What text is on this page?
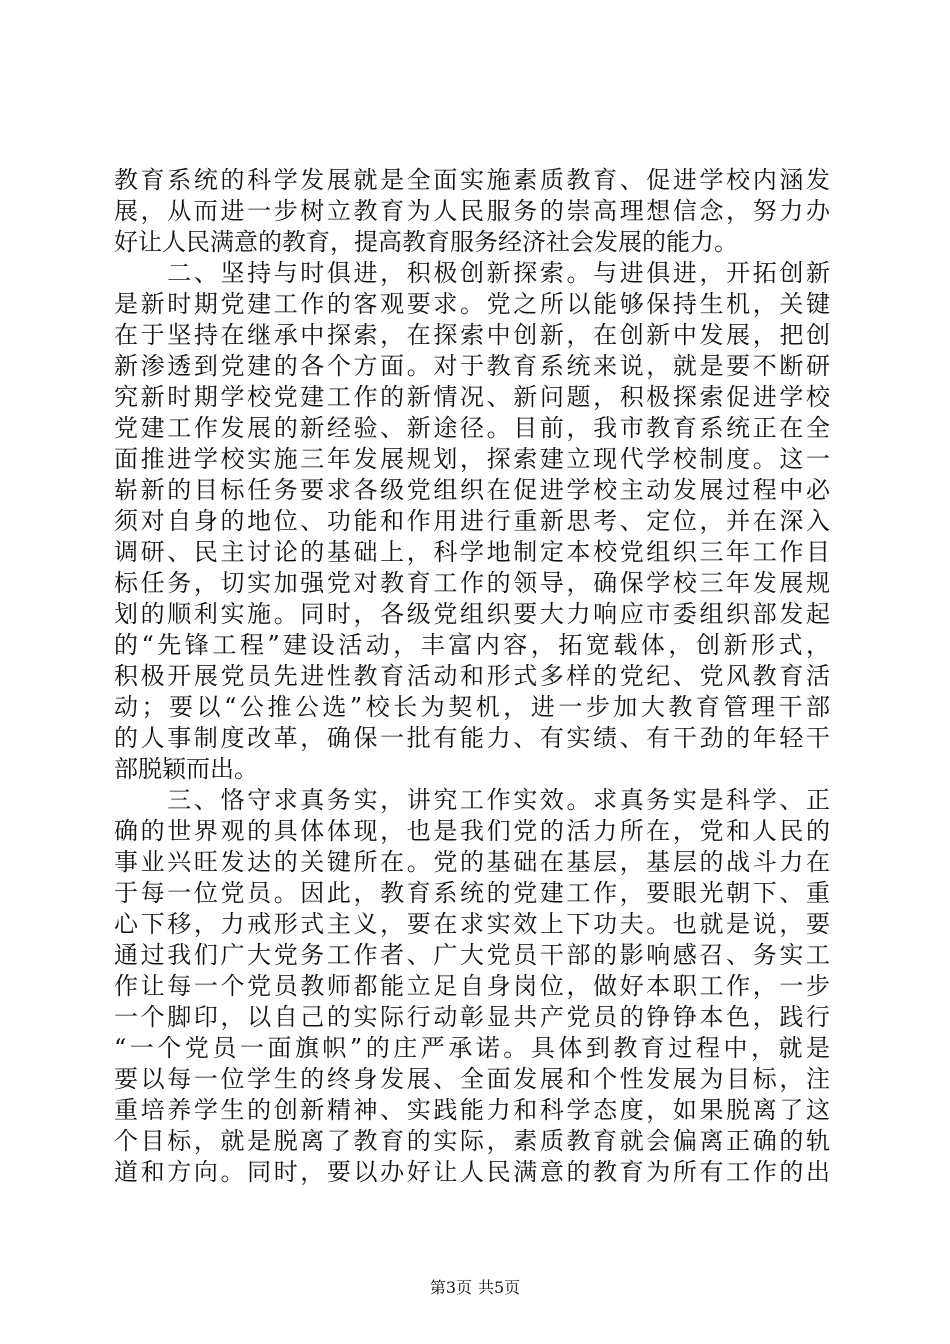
教育系统的科学发展就是全面实施素质教育、促进学校内涵发
展，从而进一步树立教育为人民服务的崇高理想信念，努力办
好让人民满意的教育，提高教育服务经济社会发展的能力。
　　二、坚持与时俱进，积极创新探索。与进俱进，开拓创新
是新时期党建工作的客观要求。党之所以能够保持生机，关键
在于坚持在继承中探索，在探索中创新，在创新中发展，把创
新渗透到党建的各个方面。对于教育系统来说，就是要不断研
究新时期学校党建工作的新情况、新问题，积极探索促进学校
党建工作发展的新经验、新途径。目前，我市教育系统正在全
面推进学校实施三年发展规划，探索建立现代学校制度。这一
崭新的目标任务要求各级党组织在促进学校主动发展过程中必
须对自身的地位、功能和作用进行重新思考、定位，并在深入
调研、民主讨论的基础上，科学地制定本校党组织三年工作目
标任务，切实加强党对教育工作的领导，确保学校三年发展规
划的顺利实施。同时，各级党组织要大力响应市委组织部发起
的“先锋工程”建设活动，丰富内容，拓宽载体，创新形式，
积极开展党员先进性教育活动和形式多样的党纪、党风教育活
动；要以“公推公选”校长为契机，进一步加大教育管理干部
的人事制度改革，确保一批有能力、有实绩、有干劲的年轻干
部脱颖而出。
　　三、恪守求真务实，讲究工作实效。求真务实是科学、正
确的世界观的具体体现，也是我们党的活力所在，党和人民的
事业兴旺发达的关键所在。党的基础在基层，基层的战斗力在
于每一位党员。因此，教育系统的党建工作，要眼光朝下、重
心下移，力戒形式主义，要在求实效上下功夫。也就是说，要
通过我们广大党务工作者、广大党员干部的影响感召、务实工
作让每一个党员教师都能立足自身岗位，做好本职工作，一步
一个脚印，以自己的实际行动彰显共产党员的铮铮本色，践行
“一个党员一面旗帜”的庄严承诺。具体到教育过程中，就是
要以每一位学生的终身发展、全面发展和个性发展为目标，注
重培养学生的创新精神、实践能力和科学态度，如果脱离了这
个目标，就是脱离了教育的实际，素质教育就会偏离正确的轨
道和方向。同时，要以办好让人民满意的教育为所有工作的出
第3页 共5页
